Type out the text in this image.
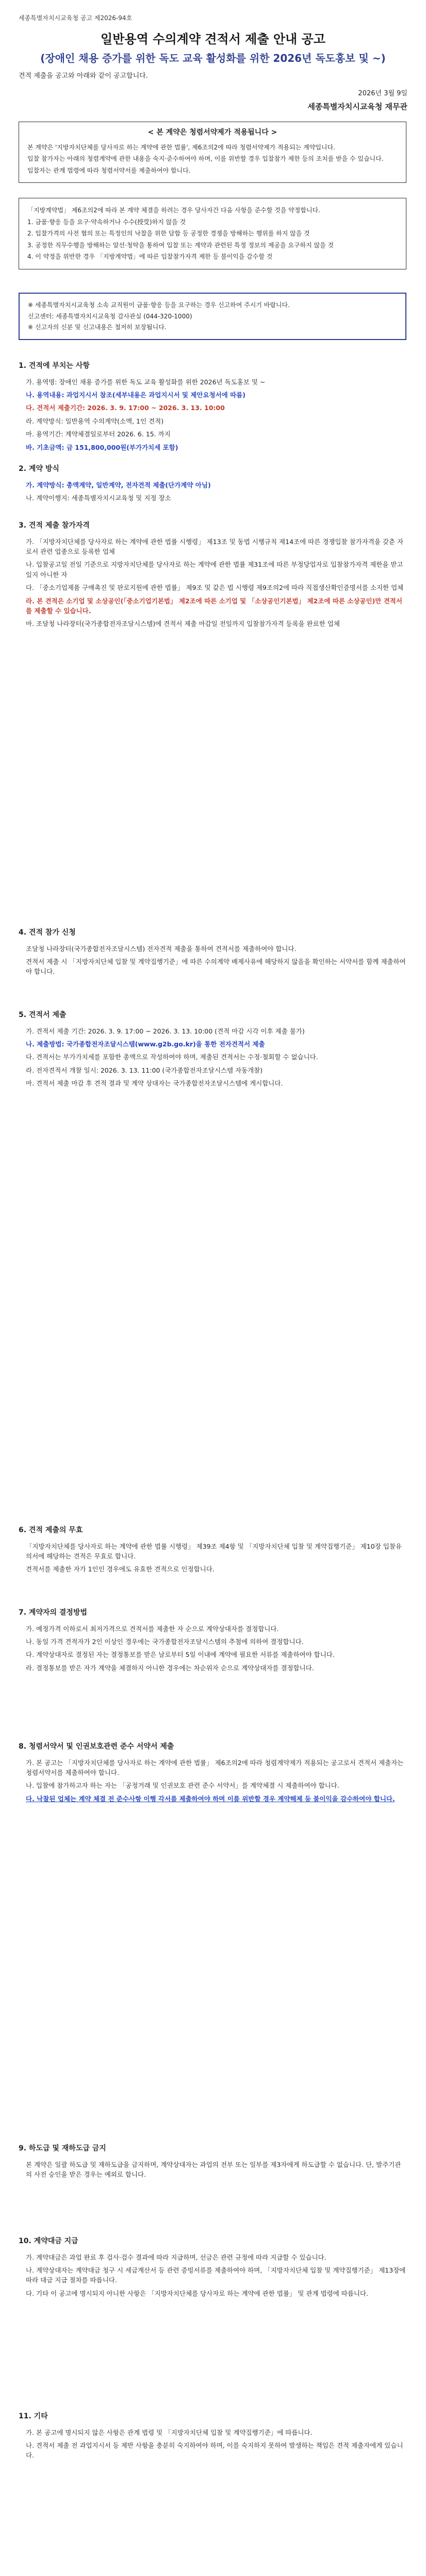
세종특별자치시교육청 공고 제2026-94호
일반용역 수의계약 견적서 제출 안내 공고
(장애인 채용 증가를 위한 독도 교육 활성화를 위한 2026년 독도홍보 및 ~)
견적 제출을 공고와 아래와 같이 공고합니다.
2026년 3월 9일
세종특별자치시교육청 재무관
< 본 계약은 청렴서약제가 적용됩니다 >

본 계약은 '지방자치단체를 당사자로 하는 계약에 관한 법률', 제6조의2에 따라 청렴서약제가 적용되는 계약입니다.

입찰 참가자는 아래의 청렴계약에 관한 내용을 숙지·준수하여야 하며, 이를 위반할 경우 입찰참가 제한 등의 조치를 받을 수 있습니다.

입찰자는 관계 법령에 따라 청렴서약서를 제출하여야 합니다.

「지방계약법」 제6조의2에 따라 본 계약 체결을 하려는 경우 당사자간 다음 사항을 준수할 것을 약정합니다.

1. 금품·향응 등을 요구·약속하거나 수수(授受)하지 않을 것

2. 입찰가격의 사전 협의 또는 특정인의 낙찰을 위한 담합 등 공정한 경쟁을 방해하는 행위를 하지 않을 것

3. 공정한 직무수행을 방해하는 알선·청탁을 통하여 입찰 또는 계약과 관련된 특정 정보의 제공을 요구하지 않을 것

4. 이 약정을 위반한 경우 「지방계약법」에 따른 입찰참가자격 제한 등 불이익을 감수할 것

※ 세종특별자치시교육청 소속 교직원이 금품·향응 등을 요구하는 경우 신고하여 주시기 바랍니다.

신고센터: 세종특별자치시교육청 감사관실 (044-320-1000)

※ 신고자의 신분 및 신고내용은 철저히 보장됩니다.

1. 견적에 부치는 사항

가. 용역명: 장애인 채용 증가를 위한 독도 교육 활성화를 위한 2026년 독도홍보 및 ~

나. 용역내용: 과업지시서 참조(세부내용은 과업지시서 및 제안요청서에 따름)

다. 견적서 제출기간: 2026. 3. 9. 17:00 ~ 2026. 3. 13. 10:00

라. 계약방식: 일반용역 수의계약(소액, 1인 견적)

마. 용역기간: 계약체결일로부터 2026. 6. 15. 까지

바. 기초금액: 금 151,800,000원(부가가치세 포함)

2. 계약 방식

가. 계약방식: 총액계약, 일반계약, 전자견적 제출(단가계약 아님)

나. 계약이행지: 세종특별자치시교육청 및 지정 장소

3. 견적 제출 참가자격

가. 「지방자치단체를 당사자로 하는 계약에 관한 법률 시행령」 제13조 및 동법 시행규칙 제14조에 따른 경쟁입찰 참가자격을 갖춘 자로서 관련 업종으로 등록한 업체

나. 입찰공고일 전일 기준으로 지방자치단체를 당사자로 하는 계약에 관한 법률 제31조에 따른 부정당업자로 입찰참가자격 제한을 받고 있지 아니한 자

다. 「중소기업제품 구매촉진 및 판로지원에 관한 법률」 제9조 및 같은 법 시행령 제9조의2에 따라 직접생산확인증명서를 소지한 업체

라. 본 견적은 소기업 및 소상공인(「중소기업기본법」 제2조에 따른 소기업 및 「소상공인기본법」 제2조에 따른 소상공인)만 견적서를 제출할 수 있습니다.

마. 조달청 나라장터(국가종합전자조달시스템)에 견적서 제출 마감일 전일까지 입찰참가자격 등록을 완료한 업체

4. 견적 참가 신청

조달청 나라장터(국가종합전자조달시스템) 전자견적 제출을 통하여 견적서를 제출하여야 합니다.

견적서 제출 시 「지방자치단체 입찰 및 계약집행기준」에 따른 수의계약 배제사유에 해당하지 않음을 확인하는 서약서를 함께 제출하여야 합니다.

5. 견적서 제출

가. 견적서 제출 기간: 2026. 3. 9. 17:00 ~ 2026. 3. 13. 10:00 (견적 마감 시각 이후 제출 불가)

나. 제출방법: 국가종합전자조달시스템(www.g2b.go.kr)을 통한 전자견적서 제출

다. 견적서는 부가가치세를 포함한 총액으로 작성하여야 하며, 제출된 견적서는 수정·철회할 수 없습니다.

라. 전자견적서 개찰 일시: 2026. 3. 13. 11:00 (국가종합전자조달시스템 자동개찰)

마. 견적서 제출 마감 후 견적 결과 및 계약 상대자는 국가종합전자조달시스템에 게시합니다.

6. 견적 제출의 무효

「지방자치단체를 당사자로 하는 계약에 관한 법률 시행령」 제39조 제4항 및 「지방자치단체 입찰 및 계약집행기준」 제10장 입찰유의서에 해당하는 견적은 무효로 합니다.

견적서를 제출한 자가 1인인 경우에도 유효한 견적으로 인정합니다.

7. 계약자의 결정방법

가. 예정가격 이하로서 최저가격으로 견적서를 제출한 자 순으로 계약상대자를 결정합니다.

나. 동일 가격 견적자가 2인 이상인 경우에는 국가종합전자조달시스템의 추첨에 의하여 결정합니다.

다. 계약상대자로 결정된 자는 결정통보를 받은 날로부터 5일 이내에 계약에 필요한 서류를 제출하여야 합니다.

라. 결정통보를 받은 자가 계약을 체결하지 아니한 경우에는 차순위자 순으로 계약상대자를 결정합니다.

8. 청렴서약서 및 인권보호관련 준수 서약서 제출

가. 본 공고는 「지방자치단체를 당사자로 하는 계약에 관한 법률」 제6조의2에 따라 청렴계약제가 적용되는 공고로서 견적서 제출자는 청렴서약서를 제출하여야 합니다.

나. 입찰에 참가하고자 하는 자는 「공정거래 및 인권보호 관련 준수 서약서」를 계약체결 시 제출하여야 합니다.

다. 낙찰된 업체는 계약 체결 전 준수사항 이행 각서를 제출하여야 하며 이를 위반할 경우 계약해제 등 불이익을 감수하여야 합니다.

9. 하도급 및 재하도급 금지

본 계약은 일괄 하도급 및 재하도급을 금지하며, 계약상대자는 과업의 전부 또는 일부를 제3자에게 하도급할 수 없습니다. 단, 발주기관의 사전 승인을 받은 경우는 예외로 합니다.

10. 계약대금 지급

가. 계약대금은 과업 완료 후 검사·검수 결과에 따라 지급하며, 선금은 관련 규정에 따라 지급할 수 있습니다.

나. 계약상대자는 계약대금 청구 시 세금계산서 등 관련 증빙서류를 제출하여야 하며, 「지방자치단체 입찰 및 계약집행기준」 제13장에 따라 대금 지급 절차를 따릅니다.

다. 기타 이 공고에 명시되지 아니한 사항은 「지방자치단체를 당사자로 하는 계약에 관한 법률」 및 관계 법령에 따릅니다.

11. 기타

가. 본 공고에 명시되지 않은 사항은 관계 법령 및 「지방자치단체 입찰 및 계약집행기준」에 따릅니다.

나. 견적서 제출 전 과업지시서 등 제반 사항을 충분히 숙지하여야 하며, 이를 숙지하지 못하여 발생하는 책임은 견적 제출자에게 있습니다.
